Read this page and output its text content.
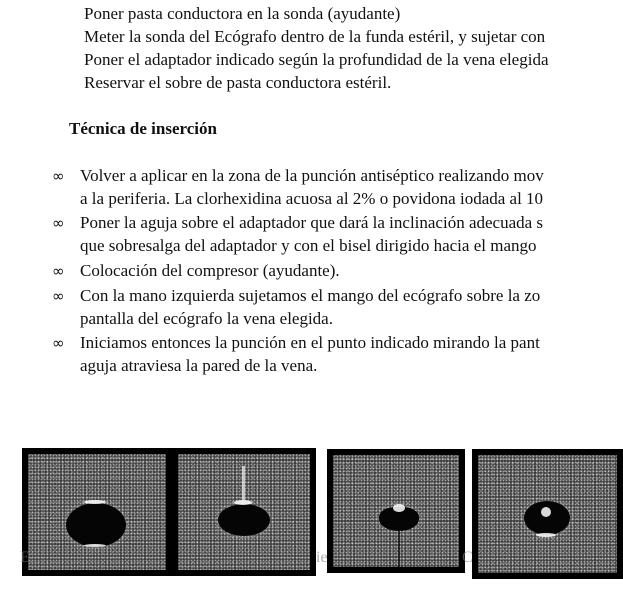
Poner pasta conductora en la sonda (ayudante)
Meter la sonda del Ecógrafo dentro de la funda estéril, y sujetar con
Poner el adaptador indicado según la profundidad de la vena elegida
Reservar el sobre de pasta conductora estéril.
Técnica de inserción
∞ Volver a aplicar en la zona de la punción antiséptico realizando mov
a la periferia. La clorhexidina acuosa al 2% o povidona iodada al 10
∞ Poner la aguja sobre el adaptador que dará la inclinación adecuada s
que sobresalga del adaptador y con el bisel dirigido hacia el mango
∞ Colocación del compresor (ayudante).
∞ Con la mano izquierda sujetamos el mango del ecógrafo sobre la zo
pantalla del ecógrafo la vena elegida.
∞ Iniciamos entonces la punción en el punto indicado mirando la pant
aguja atraviesa la pared de la vena.
E	ie	C
